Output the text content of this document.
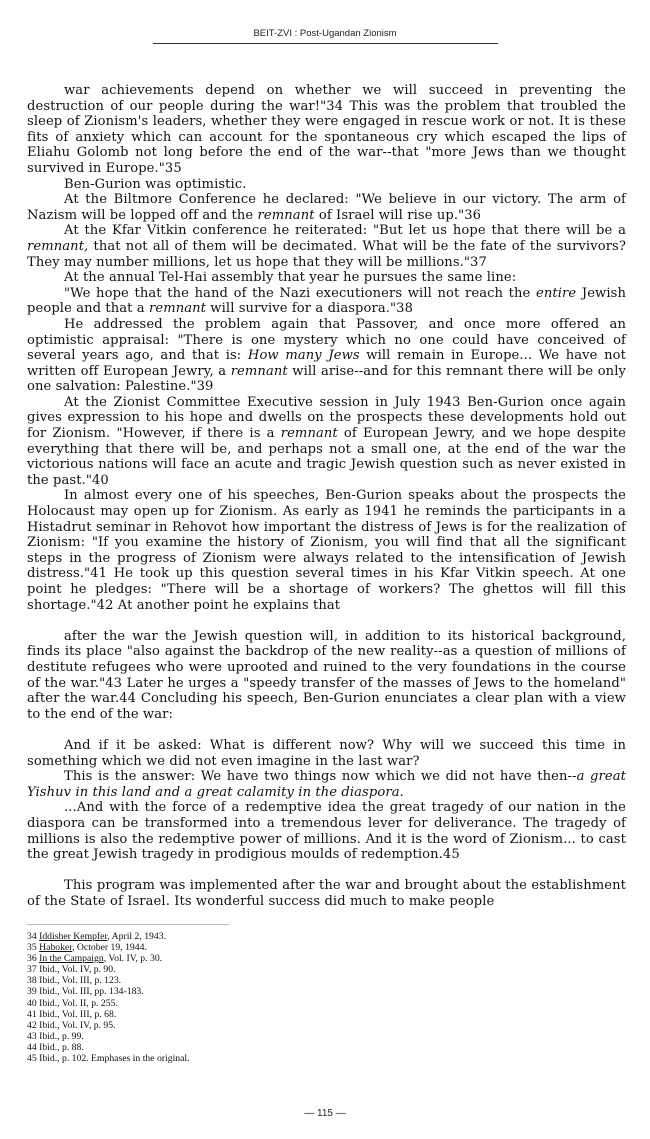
BEIT-ZVI : Post-Ugandan Zionism

war achievements depend on whether we will succeed in preventing the destruction of our people during the war!"34 This was the problem that troubled the sleep of Zionism's leaders, whether they were engaged in rescue work or not. It is these fits of anxiety which can account for the spontaneous cry which escaped the lips of Eliahu Golomb not long before the end of the war--that "more Jews than we thought survived in Europe."35

Ben-Gurion was optimistic.

At the Biltmore Conference he declared: "We believe in our victory. The arm of Nazism will be lopped off and the remnant of Israel will rise up."36

At the Kfar Vitkin conference he reiterated: "But let us hope that there will be a remnant, that not all of them will be decimated. What will be the fate of the survivors? They may number millions, let us hope that they will be millions."37

At the annual Tel-Hai assembly that year he pursues the same line:

"We hope that the hand of the Nazi executioners will not reach the entire Jewish people and that a remnant will survive for a diaspora."38

He addressed the problem again that Passover, and once more offered an optimistic appraisal: "There is one mystery which no one could have conceived of several years ago, and that is: How many Jews will remain in Europe... We have not written off European Jewry, a remnant will arise--and for this remnant there will be only one salvation: Palestine."39

At the Zionist Committee Executive session in July 1943 Ben-Gurion once again gives expression to his hope and dwells on the prospects these developments hold out for Zionism. "However, if there is a remnant of European Jewry, and we hope despite everything that there will be, and perhaps not a small one, at the end of the war the victorious nations will face an acute and tragic Jewish question such as never existed in the past."40

In almost every one of his speeches, Ben-Gurion speaks about the prospects the Holocaust may open up for Zionism. As early as 1941 he reminds the participants in a Histadrut seminar in Rehovot how important the distress of Jews is for the realization of Zionism: "If you examine the history of Zionism, you will find that all the significant steps in the progress of Zionism were always related to the intensification of Jewish distress."41 He took up this question several times in his Kfar Vitkin speech. At one point he pledges: "There will be a shortage of workers? The ghettos will fill this shortage."42 At another point he explains that

after the war the Jewish question will, in addition to its historical background, finds its place "also against the backdrop of the new reality--as a question of millions of destitute refugees who were uprooted and ruined to the very foundations in the course of the war."43 Later he urges a "speedy transfer of the masses of Jews to the homeland" after the war.44 Concluding his speech, Ben-Gurion enunciates a clear plan with a view to the end of the war:

And if it be asked: What is different now? Why will we succeed this time in something which we did not even imagine in the last war?

This is the answer: We have two things now which we did not have then--a great Yishuv in this land and a great calamity in the diaspora.

...And with the force of a redemptive idea the great tragedy of our nation in the diaspora can be transformed into a tremendous lever for deliverance. The tragedy of millions is also the redemptive power of millions. And it is the word of Zionism... to cast the great Jewish tragedy in prodigious moulds of redemption.45

This program was implemented after the war and brought about the establishment of the State of Israel. Its wonderful success did much to make people

34 Iddisher Kempfer, April 2, 1943.
35 Haboker, October 19, 1944.
36 In the Campaign, Vol. IV, p. 30.
37 Ibid., Vol. IV, p. 90.
38 Ibid., Vol. III, p. 123.
39 Ibid., Vol. III, pp. 134-183.
40 Ibid., Vol. II, p. 255.
41 Ibid., Vol. III, p. 68.
42 Ibid., Vol. IV, p. 95.
43 Ibid., p. 99.
44 Ibid., p. 88.
45 Ibid., p. 102. Emphases in the original.
— 115 —
